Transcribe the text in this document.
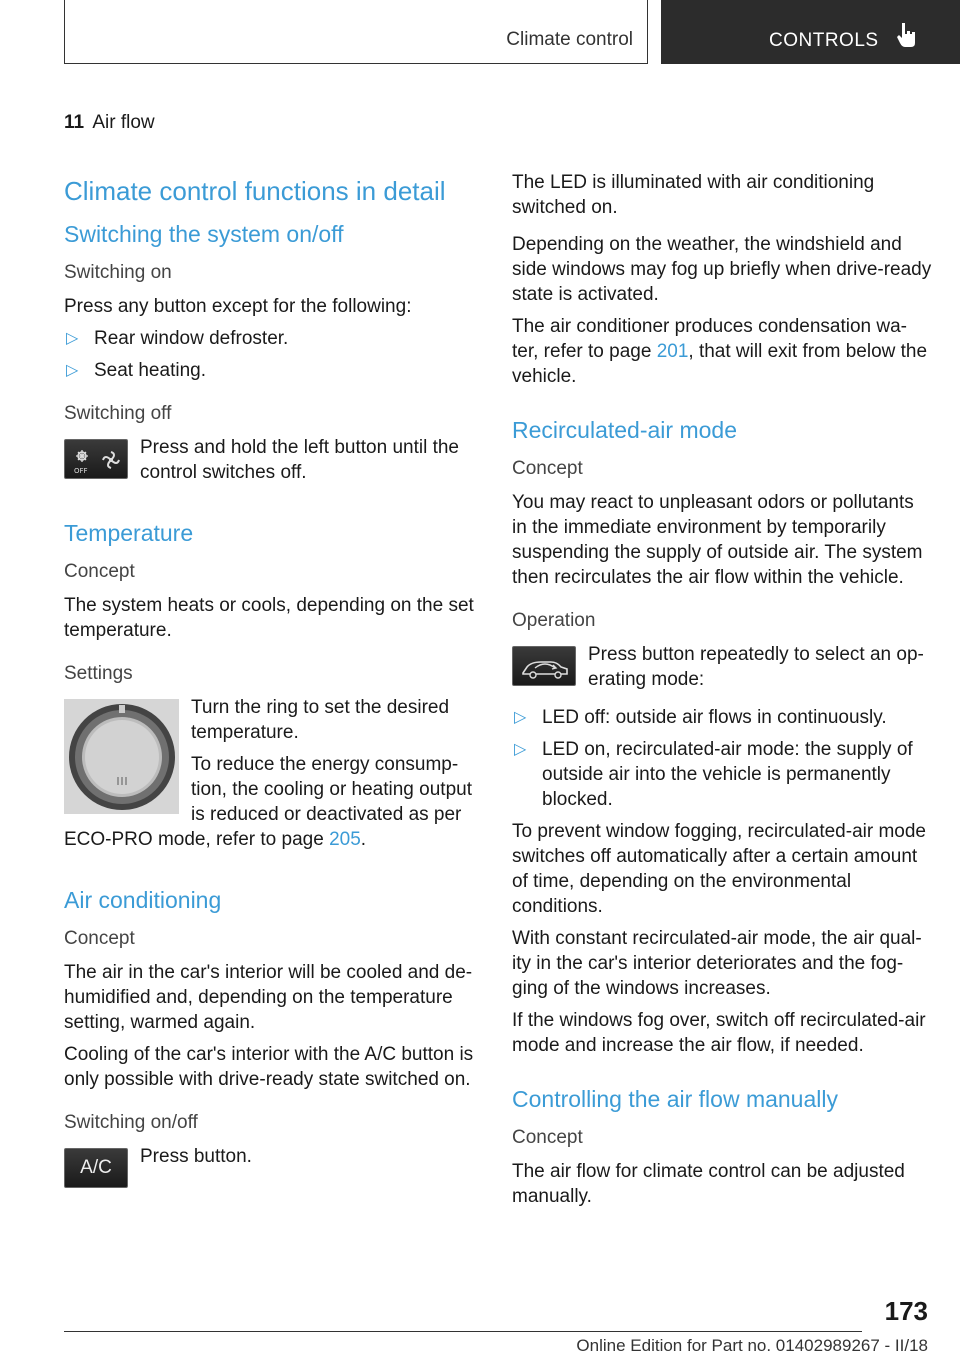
Climate control	CONTROLS
11 Air flow
Climate control functions in detail
Switching the system on/off
Switching on

Press any button except for the following:

▷ Rear window defroster.
▷ Seat heating.
Switching off
OFF

Press and hold the left button until the control switches off.

Temperature
Concept

The system heats or cools, depending on the set temperature.

Settings

Turn the ring to set the desired temperature.

To reduce the energy consump‐tion, the cooling or heating output is reduced or deactivated as per ECO-PRO mode, refer to page 205.

Air conditioning
Concept

The air in the car's interior will be cooled and de‐humidified and, depending on the temperature setting, warmed again.

Cooling of the car's interior with the A/C button is only possible with drive-ready state switched on.

Switching on/off
A/C

Press button.

The LED is illuminated with air conditioning switched on.

Depending on the weather, the windshield and side windows may fog up briefly when drive-ready state is activated.

The air conditioner produces condensation wa‐ter, refer to page 201, that will exit from below the vehicle.

Recirculated-air mode
Concept

You may react to unpleasant odors or pollutants in the immediate environment by temporarily suspending the supply of outside air. The system then recirculates the air flow within the vehicle.

Operation

Press button repeatedly to select an op‐erating mode:

▷ LED off: outside air flows in continuously.
▷ LED on, recirculated-air mode: the supply of outside air into the vehicle is permanently blocked.

To prevent window fogging, recirculated-air mode switches off automatically after a certain amount of time, depending on the environmental conditions.

With constant recirculated-air mode, the air qual‐ity in the car's interior deteriorates and the fog‐ging of the windows increases.

If the windows fog over, switch off recirculated-air mode and increase the air flow, if needed.

Controlling the air flow manually
Concept

The air flow for climate control can be adjusted manually.

173
Online Edition for Part no. 01402989267 - II/18
